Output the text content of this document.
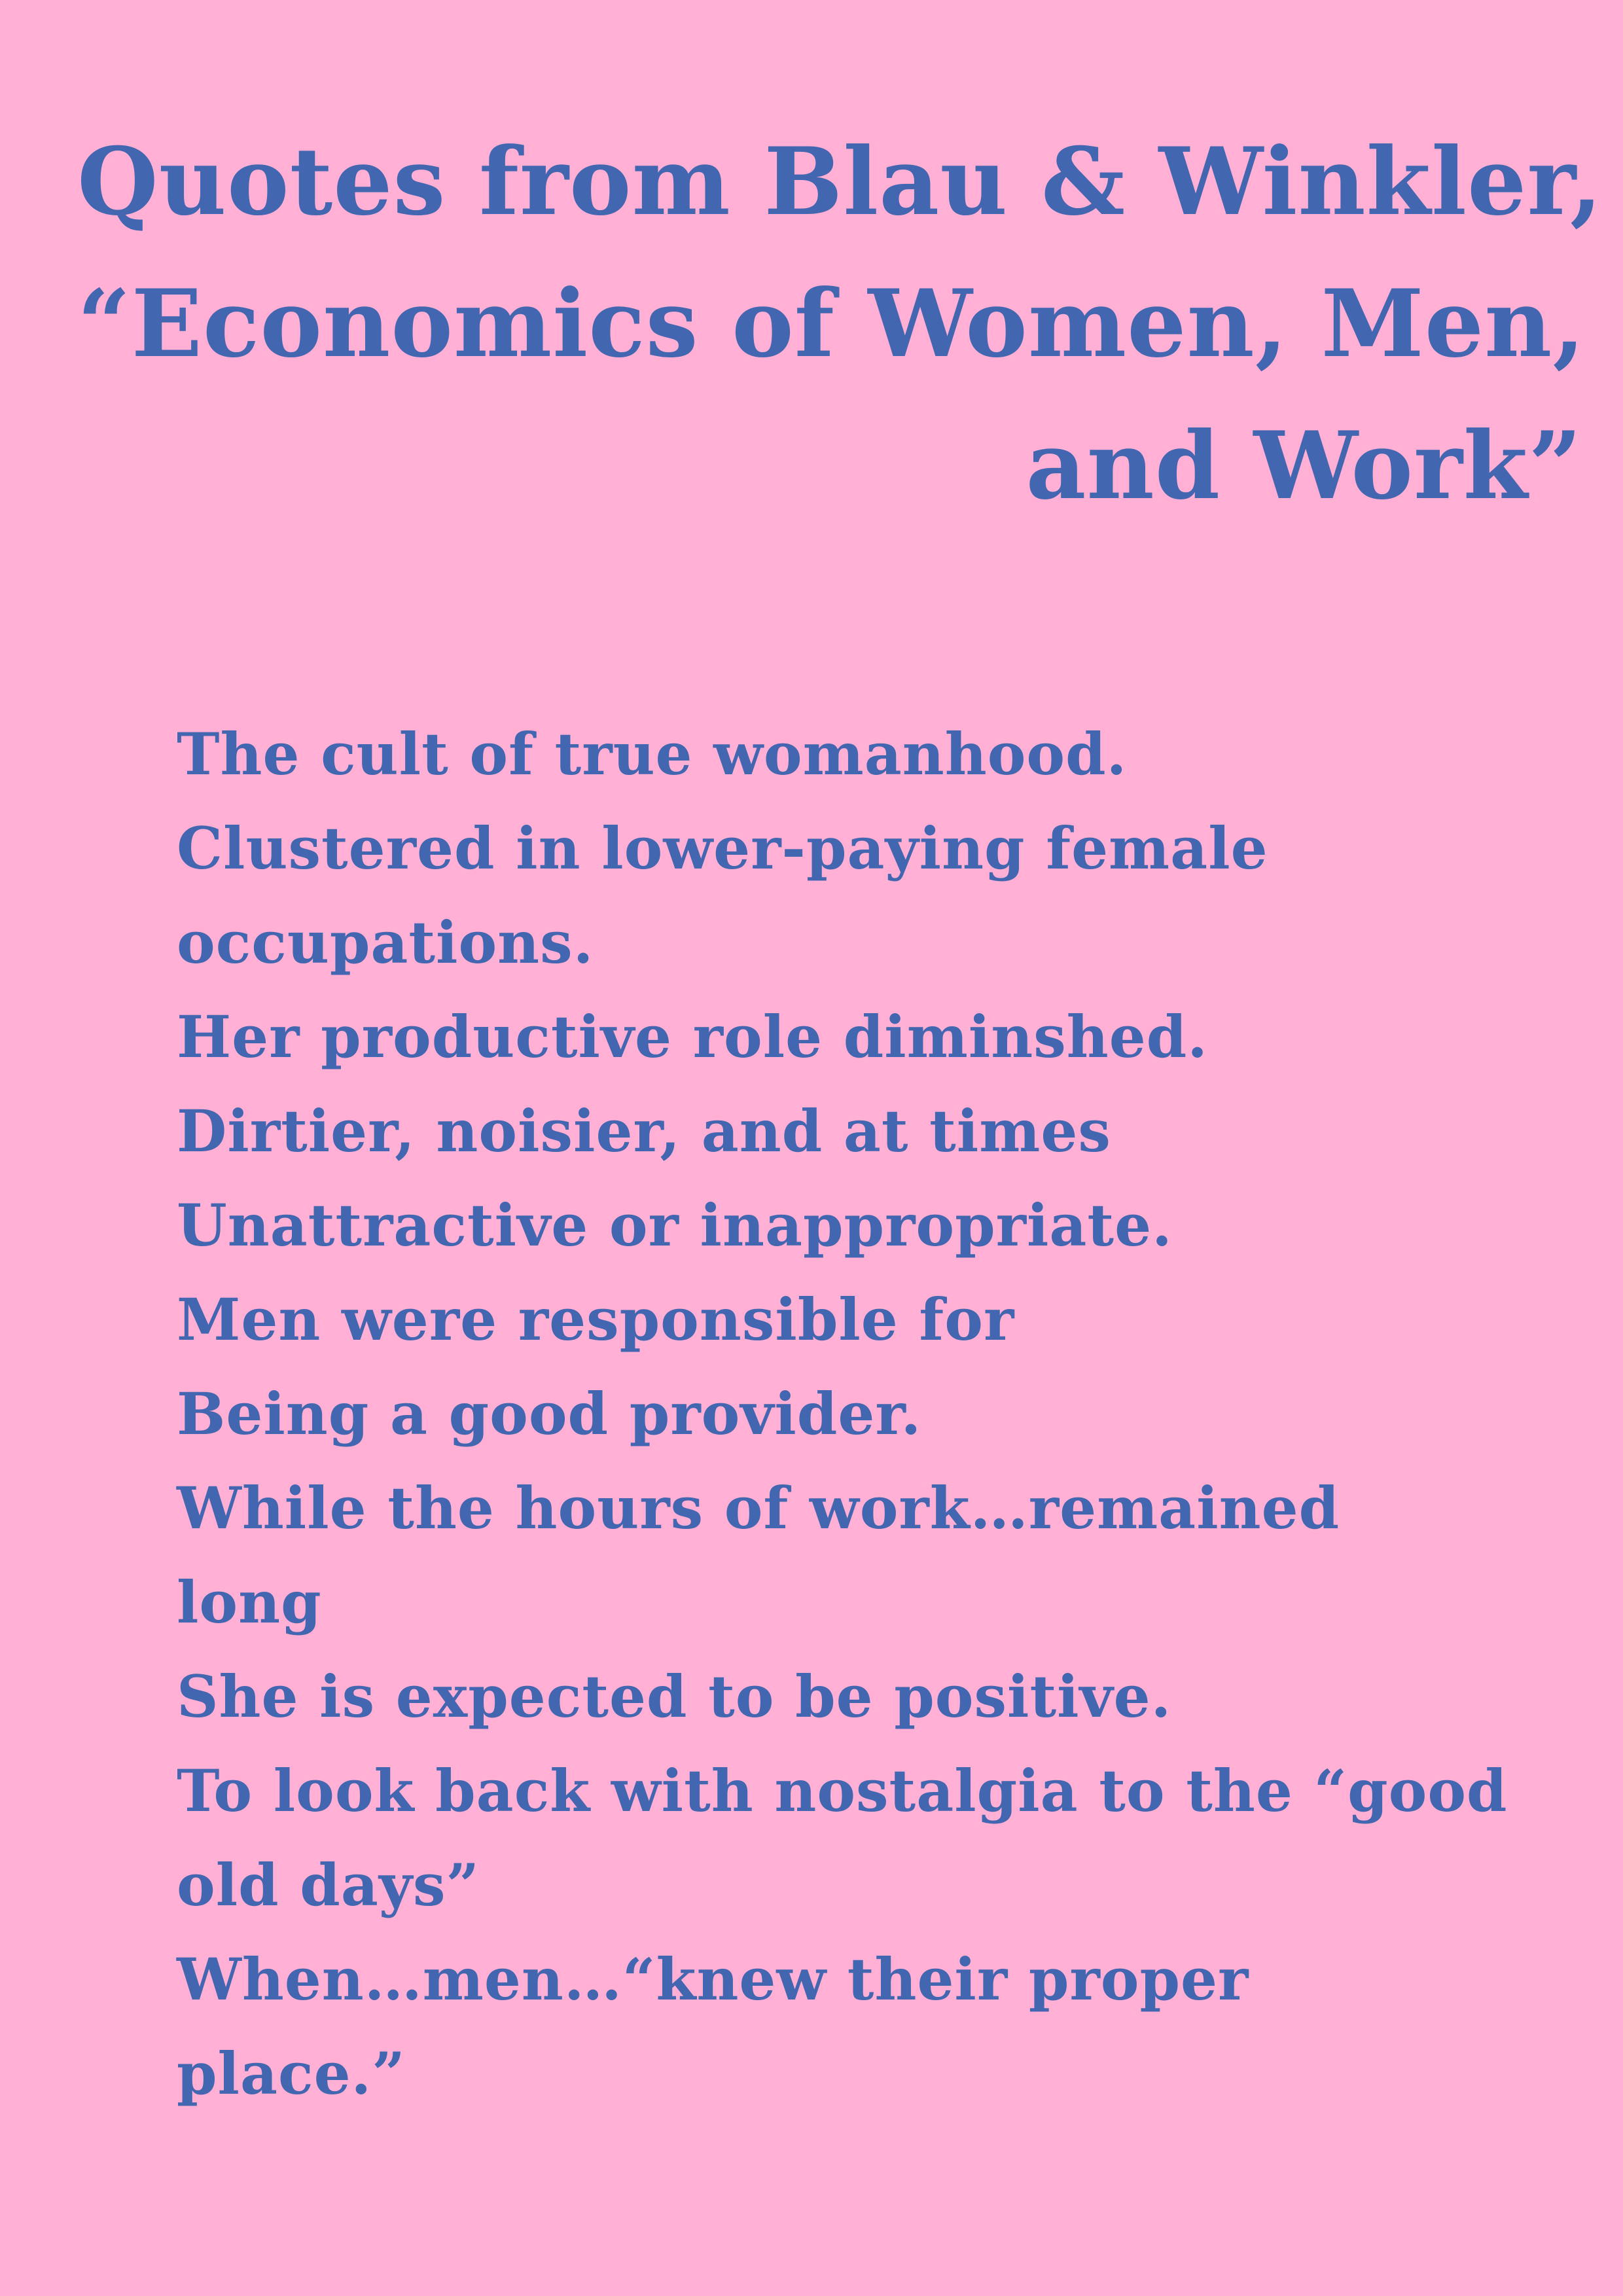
Quotes from Blau & Winkler,
“Economics of Women, Men,
and Work”
The cult of true womanhood.
Clustered in lower-paying female
occupations.
Her productive role diminshed.
Dirtier, noisier, and at times
Unattractive or inappropriate.
Men were responsible for
Being a good provider.
While the hours of work…remained
long
She is expected to be positive.
To look back with nostalgia to the “good
old days”
When…men…“knew their proper
place.”
